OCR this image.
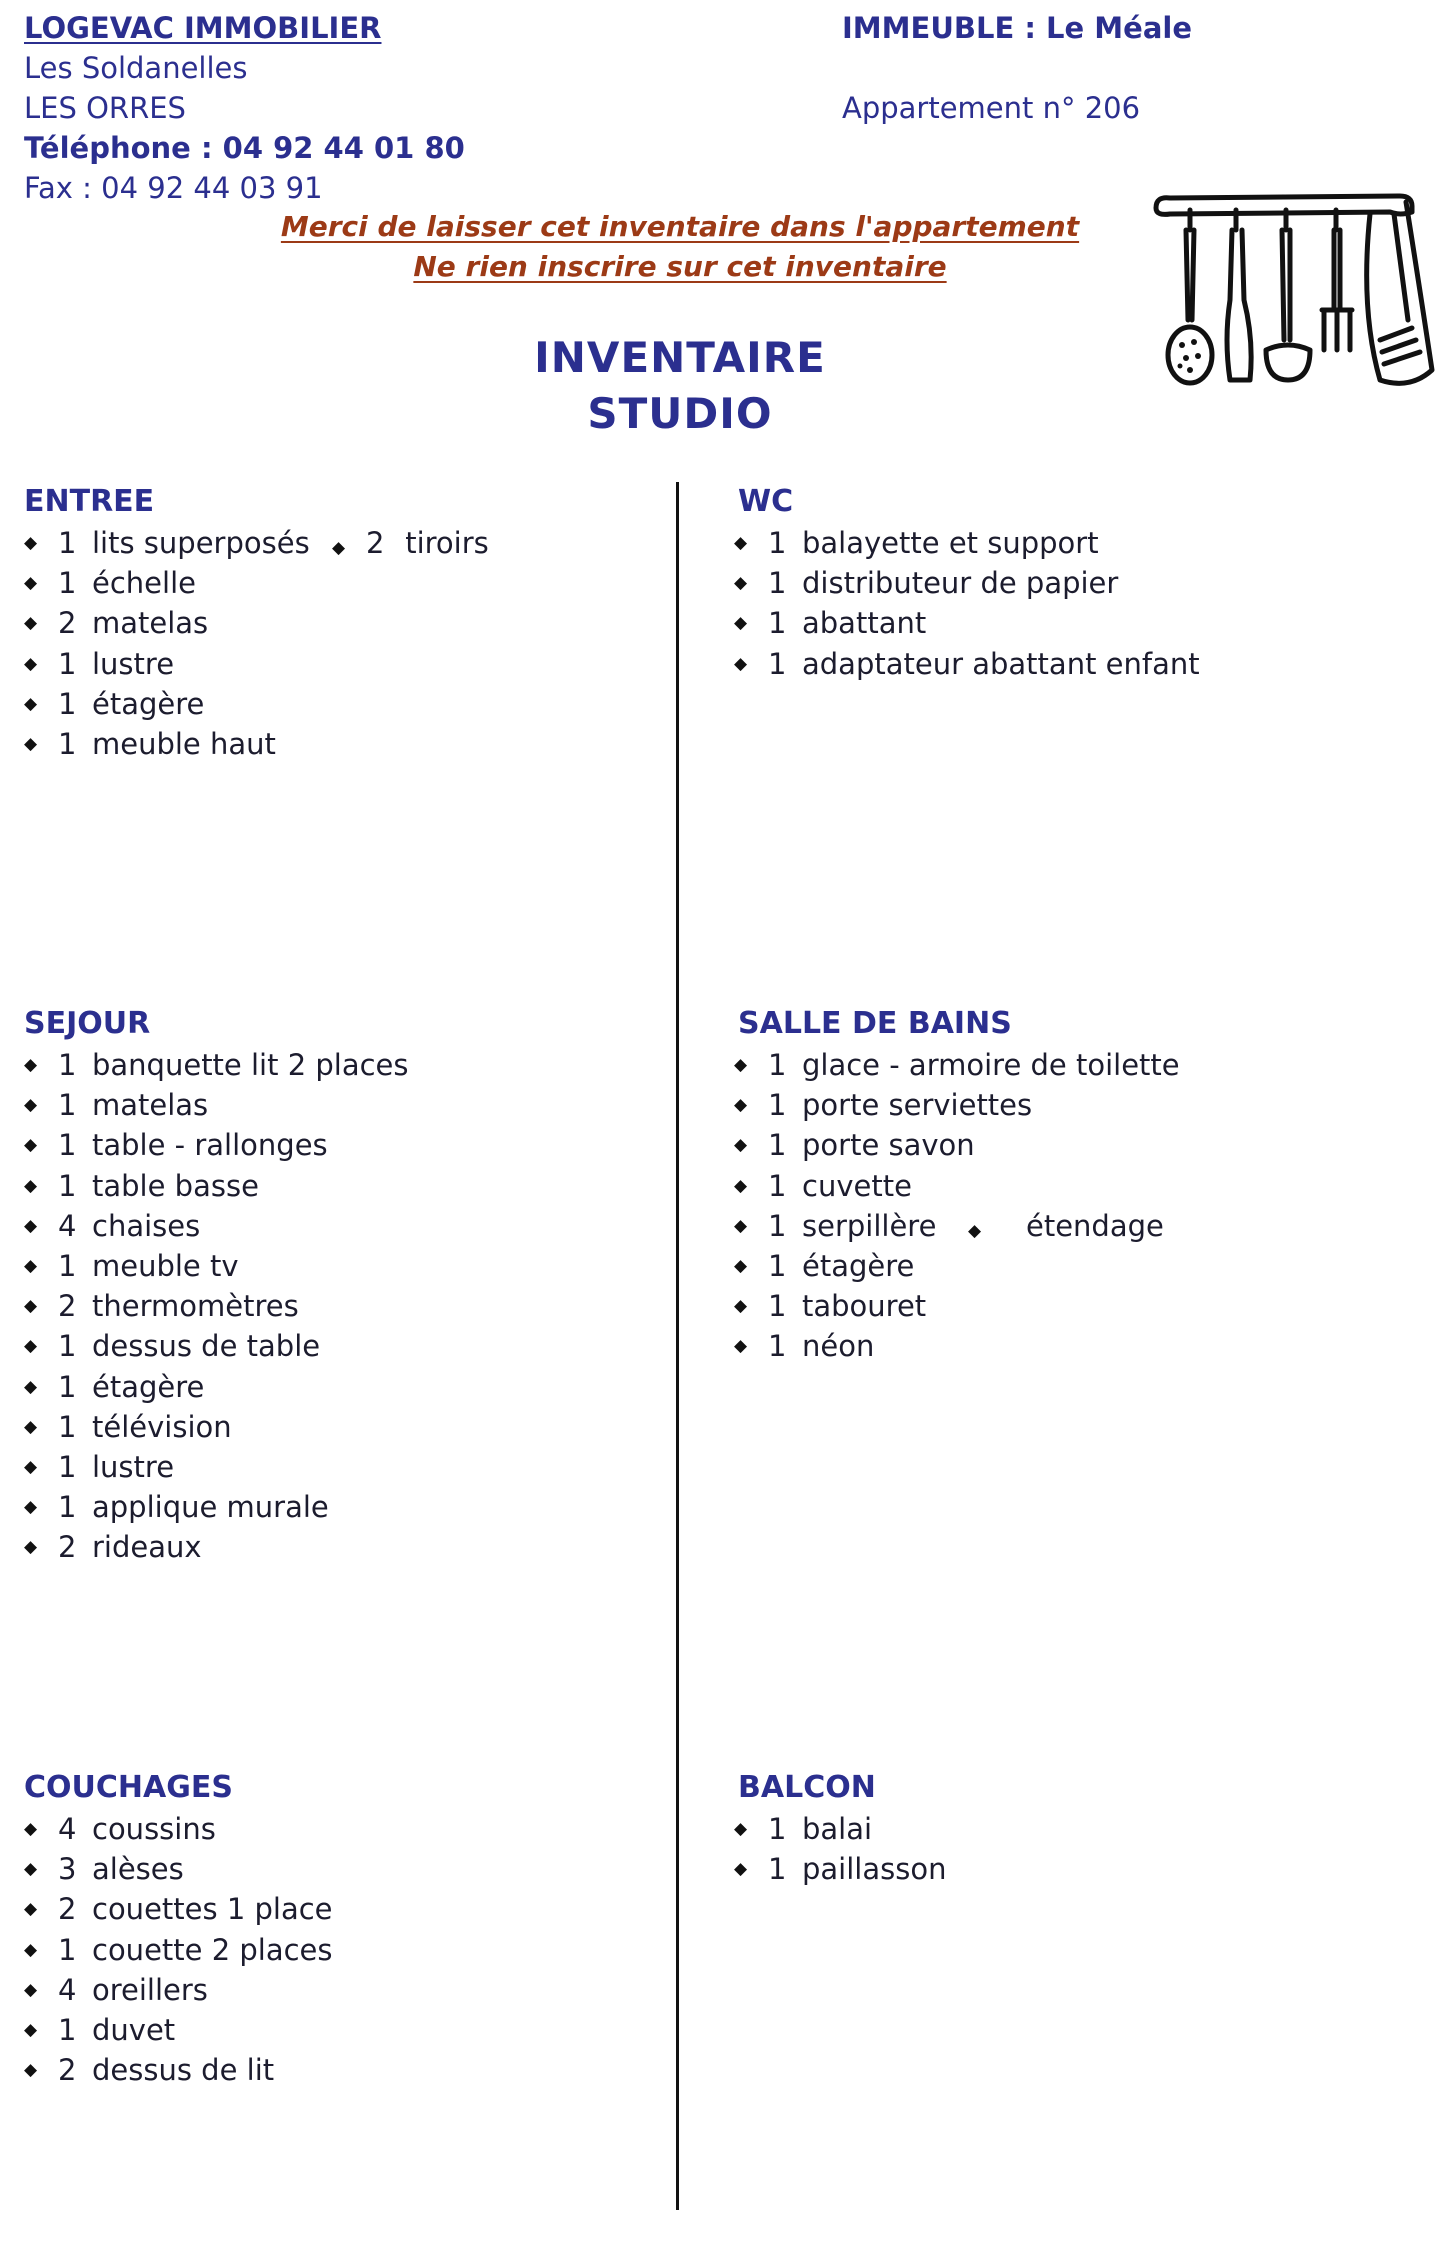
LOGEVAC IMMOBILIER
Les Soldanelles
LES ORRES
Téléphone : 04 92 44 01 80
Fax : 04 92 44 03 91
IMMEUBLE : Le Méale
Appartement n° 206
Merci de laisser cet inventaire dans l'appartement
Ne rien inscrire sur cet inventaire
INVENTAIRE
STUDIO
ENTREE
◆ 1 lits superposés
◆ 1 échelle
◆ 2 matelas
◆ 1 lustre
◆ 1 étagère
◆ 1 meuble haut
◆ 2 tiroirs
WC
◆ 1 balayette et support
◆ 1 distributeur de papier
◆ 1 abattant
◆ 1 adaptateur abattant enfant
SEJOUR
◆ 1 banquette lit 2 places
◆ 1 matelas
◆ 1 table - rallonges
◆ 1 table basse
◆ 4 chaises
◆ 1 meuble tv
◆ 2 thermomètres
◆ 1 dessus de table
◆ 1 étagère
◆ 1 télévision
◆ 1 lustre
◆ 1 applique murale
◆ 2 rideaux
SALLE DE BAINS
◆ 1 glace - armoire de toilette
◆ 1 porte serviettes
◆ 1 porte savon
◆ 1 cuvette
◆ 1 serpillère
◆ 1 étagère
◆ 1 tabouret
◆ 1 néon
◆ étendage
COUCHAGES
◆ 4 coussins
◆ 3 alèses
◆ 2 couettes 1 place
◆ 1 couette 2 places
◆ 4 oreillers
◆ 1 duvet
◆ 2 dessus de lit
BALCON
◆ 1 balai
◆ 1 paillasson
